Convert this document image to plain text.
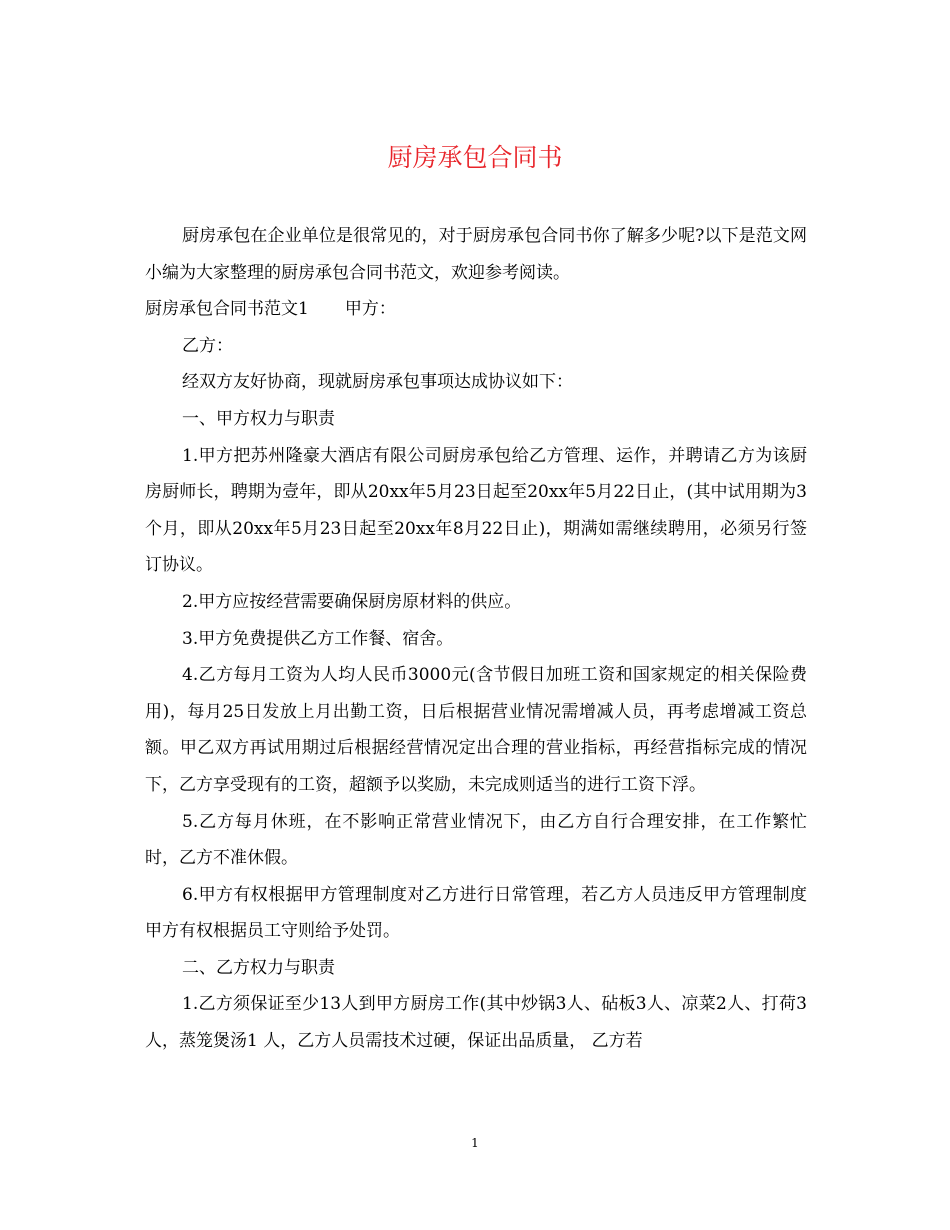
厨房承包合同书

厨房承包在企业单位是很常见的，对于厨房承包合同书你了解多少呢?以下是范文网小编为大家整理的厨房承包合同书范文，欢迎参考阅读。

厨房承包合同书范文1 甲方：

乙方：

经双方友好协商，现就厨房承包事项达成协议如下：

一、甲方权力与职责

1.甲方把苏州隆豪大酒店有限公司厨房承包给乙方管理、运作，并聘请乙方为该厨房厨师长，聘期为壹年，即从20xx年5月23日起至20xx年5月22日止，(其中试用期为3个月，即从20xx年5月23日起至20xx年8月22日止)，期满如需继续聘用，必须另行签订协议。

2.甲方应按经营需要确保厨房原材料的供应。

3.甲方免费提供乙方工作餐、宿舍。

4.乙方每月工资为人均人民币3000元(含节假日加班工资和国家规定的相关保险费用)，每月25日发放上月出勤工资，日后根据营业情况需增减人员，再考虑增减工资总额。甲乙双方再试用期过后根据经营情况定出合理的营业指标，再经营指标完成的情况下，乙方享受现有的工资，超额予以奖励，未完成则适当的进行工资下浮。

5.乙方每月休班，在不影响正常营业情况下，由乙方自行合理安排，在工作繁忙时，乙方不准休假。

6.甲方有权根据甲方管理制度对乙方进行日常管理，若乙方人员违反甲方管理制度甲方有权根据员工守则给予处罚。

二、乙方权力与职责

1.乙方须保证至少13人到甲方厨房工作(其中炒锅3人、砧板3人、凉菜2人、打荷3人，蒸笼煲汤1 人，乙方人员需技术过硬，保证出品质量， 乙方若

1
